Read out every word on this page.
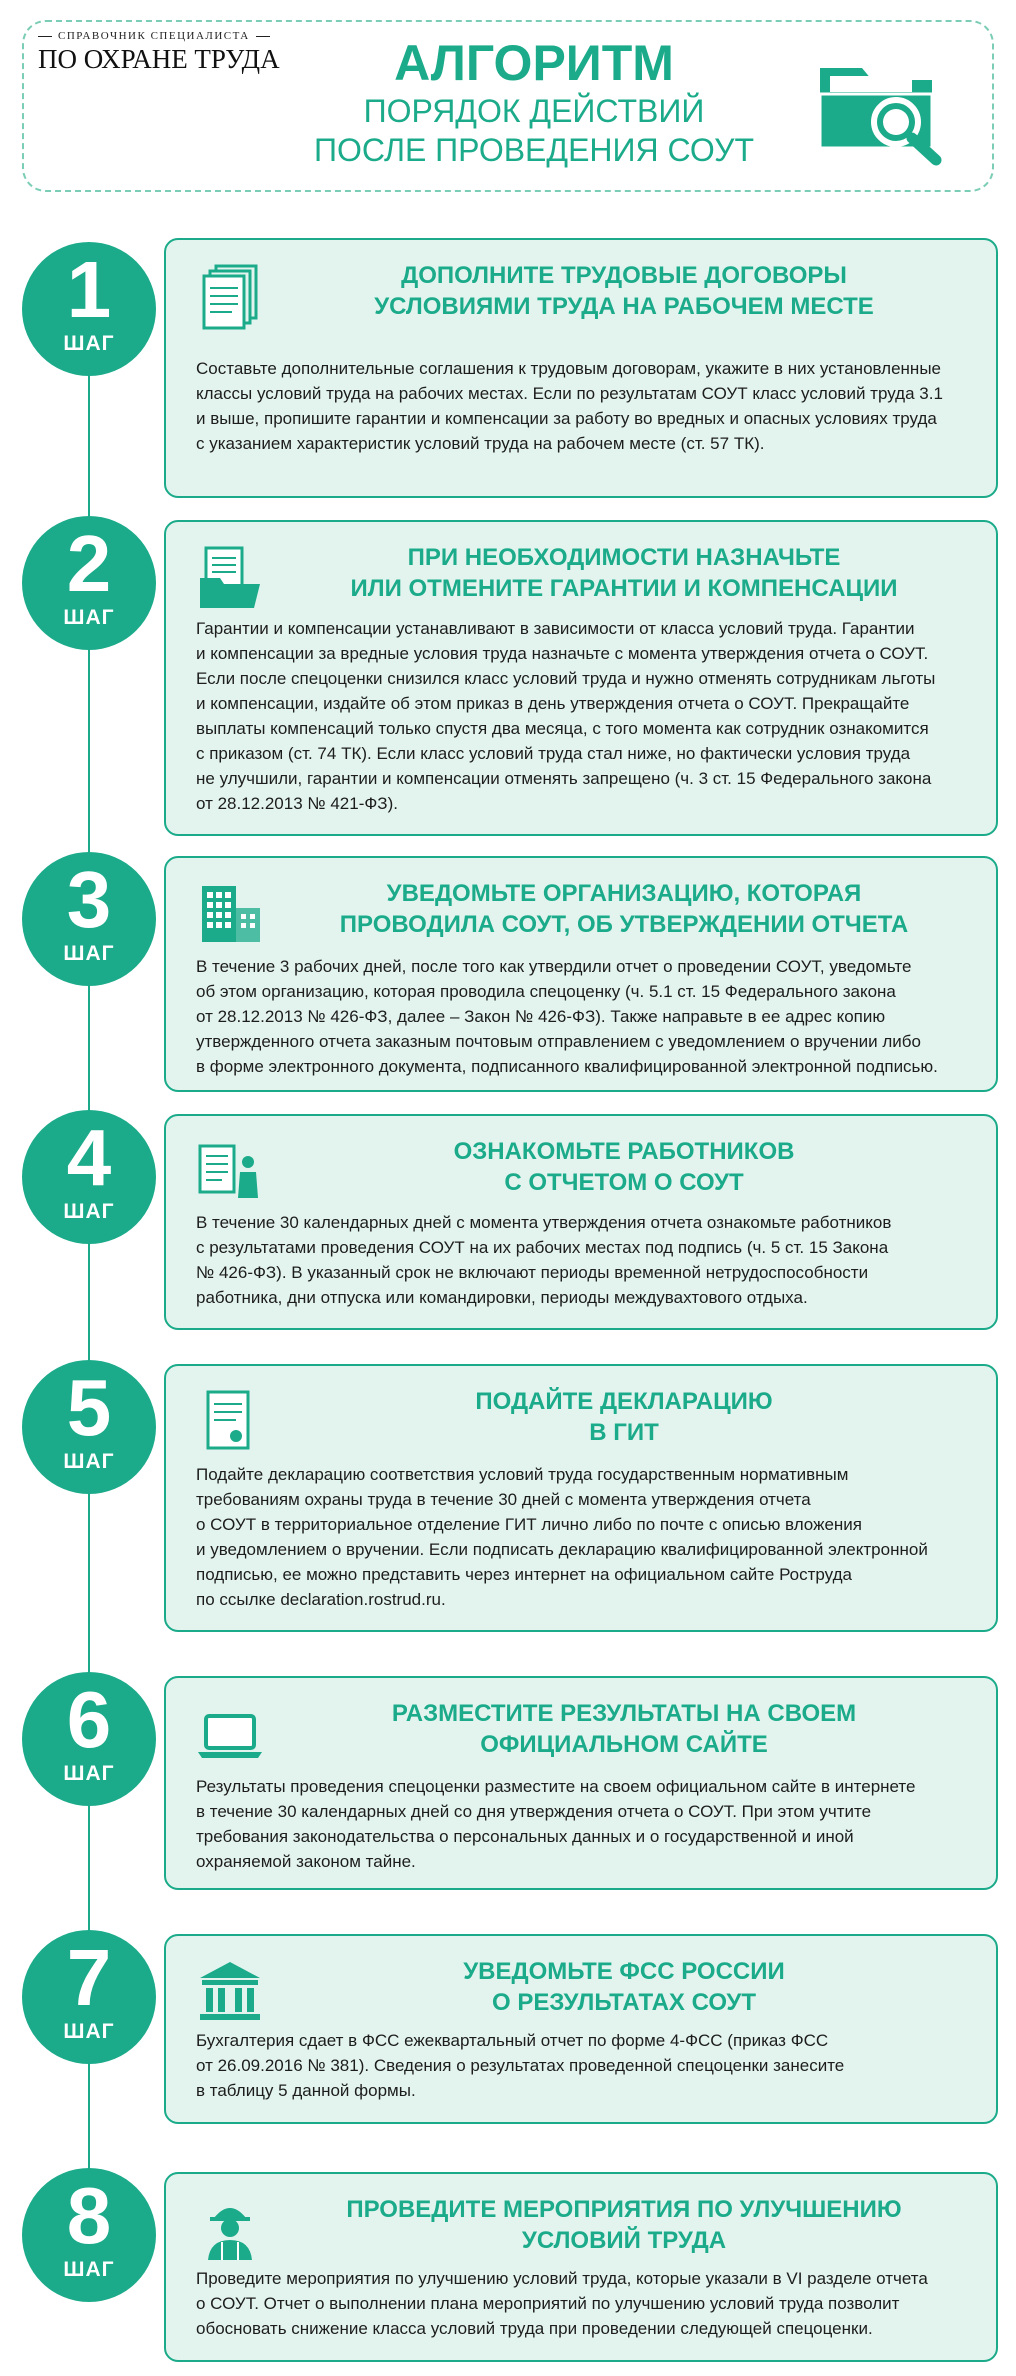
СПРАВОЧНИК СПЕЦИАЛИСТА
ПО ОХРАНЕ ТРУДА	АЛГОРИТМ
ПОРЯДОК ДЕЙСТВИЙ
ПОСЛЕ ПРОВЕДЕНИЯ СОУТ
1
ШАГ
ДОПОЛНИТЕ ТРУДОВЫЕ ДОГОВОРЫ
УСЛОВИЯМИ ТРУДА НА РАБОЧЕМ МЕСТЕ
Составьте дополнительные соглашения к трудовым договорам, укажите в них установленные
классы условий труда на рабочих местах. Если по результатам СОУТ класс условий труда 3.1
и выше, пропишите гарантии и компенсации за работу во вредных и опасных условиях труда
с указанием характеристик условий труда на рабочем месте (ст. 57 ТК).
2
ШАГ
ПРИ НЕОБХОДИМОСТИ НАЗНАЧЬТЕ
ИЛИ ОТМЕНИТЕ ГАРАНТИИ И КОМПЕНСАЦИИ
Гарантии и компенсации устанавливают в зависимости от класса условий труда. Гарантии
и компенсации за вредные условия труда назначьте с момента утверждения отчета о СОУТ.
Если после спецоценки снизился класс условий труда и нужно отменять сотрудникам льготы
и компенсации, издайте об этом приказ в день утверждения отчета о СОУТ. Прекращайте
выплаты компенсаций только спустя два месяца, с того момента как сотрудник ознакомится
с приказом (ст. 74 ТК). Если класс условий труда стал ниже, но фактически условия труда
не улучшили, гарантии и компенсации отменять запрещено (ч. 3 ст. 15 Федерального закона
от 28.12.2013 № 421-ФЗ).
3
ШАГ
УВЕДОМЬТЕ ОРГАНИЗАЦИЮ, КОТОРАЯ
ПРОВОДИЛА СОУТ, ОБ УТВЕРЖДЕНИИ ОТЧЕТА
В течение 3 рабочих дней, после того как утвердили отчет о проведении СОУТ, уведомьте
об этом организацию, которая проводила спецоценку (ч. 5.1 ст. 15 Федерального закона
от 28.12.2013 № 426-ФЗ, далее – Закон № 426-ФЗ). Также направьте в ее адрес копию
утвержденного отчета заказным почтовым отправлением с уведомлением о вручении либо
в форме электронного документа, подписанного квалифицированной электронной подписью.
4
ШАГ
ОЗНАКОМЬТЕ РАБОТНИКОВ
С ОТЧЕТОМ О СОУТ
В течение 30 календарных дней с момента утверждения отчета ознакомьте работников
с результатами проведения СОУТ на их рабочих местах под подпись (ч. 5 ст. 15 Закона
№ 426-ФЗ). В указанный срок не включают периоды временной нетрудоспособности
работника, дни отпуска или командировки, периоды междувахтового отдыха.
5
ШАГ
ПОДАЙТЕ ДЕКЛАРАЦИЮ
В ГИТ
Подайте декларацию соответствия условий труда государственным нормативным
требованиям охраны труда в течение 30 дней с момента утверждения отчета
о СОУТ в территориальное отделение ГИТ лично либо по почте с описью вложения
и уведомлением о вручении. Если подписать декларацию квалифицированной электронной
подписью, ее можно представить через интернет на официальном сайте Роструда
по ссылке declaration.rostrud.ru.
6
ШАГ
РАЗМЕСТИТЕ РЕЗУЛЬТАТЫ НА СВОЕМ
ОФИЦИАЛЬНОМ САЙТЕ
Результаты проведения спецоценки разместите на своем официальном сайте в интернете
в течение 30 календарных дней со дня утверждения отчета о СОУТ. При этом учтите
требования законодательства о персональных данных и о государственной и иной
охраняемой законом тайне.
7
ШАГ
УВЕДОМЬТЕ ФСС РОССИИ
О РЕЗУЛЬТАТАХ СОУТ
Бухгалтерия сдает в ФСС ежеквартальный отчет по форме 4-ФСС (приказ ФСС
от 26.09.2016 № 381). Сведения о результатах проведенной спецоценки занесите
в таблицу 5 данной формы.
8
ШАГ
ПРОВЕДИТЕ МЕРОПРИЯТИЯ ПО УЛУЧШЕНИЮ
УСЛОВИЙ ТРУДА
Проведите мероприятия по улучшению условий труда, которые указали в VI разделе отчета
о СОУТ. Отчет о выполнении плана мероприятий по улучшению условий труда позволит
обосновать снижение класса условий труда при проведении следующей спецоценки.
